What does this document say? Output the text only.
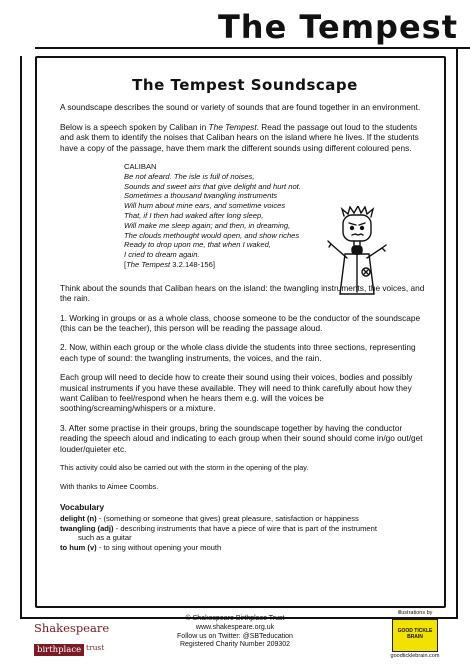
The Tempest
The Tempest Soundscape

A soundscape describes the sound or variety of sounds that are found together in an environment.

Below is a speech spoken by Caliban in The Tempest. Read the passage out loud to the students and ask them to identify the noises that Caliban hears on the island where he lives. If the students have a copy of the passage, have them mark the different sounds using different coloured pens.

CALIBAN
Be not afeard. The isle is full of noises,
Sounds and sweet airs that give delight and hurt not.
Sometimes a thousand twangling instruments
Will hum about mine ears, and sometime voices
That, if I then had waked after long sleep,
Will make me sleep again; and then, in dreaming,
The clouds methought would open, and show riches
Ready to drop upon me, that when I waked,
I cried to dream again.
[The Tempest 3.2.148-156]

Think about the sounds that Caliban hears on the island: the twangling instruments, the voices, and the rain.

1. Working in groups or as a whole class, choose someone to be the conductor of the soundscape (this can be the teacher), this person will be reading the passage aloud.

2. Now, within each group or the whole class divide the students into three sections, representing each type of sound: the twangling instruments, the voices, and the rain.

Each group will need to decide how to create their sound using their voices, bodies and possibly musical instruments if you have these available. They will need to think carefully about how they want Caliban to feel/respond when he hears them e.g. will the voices be soothing/screaming/whispers or a mixture.

3. After some practise in their groups, bring the soundscape together by having the conductor reading the speech aloud and indicating to each group when their sound should come in/go out/get louder/quieter etc.

This activity could also be carried out with the storm in the opening of the play.

With thanks to Aimee Coombs.

Vocabulary
delight (n) - (something or someone that gives) great pleasure, satisfaction or happiness
twangling (adj) - describing instruments that have a piece of wire that is part of the instrument
such as a guitar
to hum (v) - to sing without opening your mouth
Shakespeare
birthplace trust
© Shakespeare Birthplace Trust
www.shakespeare.org.uk
Follow us on Twitter: @SBTeducation
Registered Charity Number 209302
illustrations by
GOOD TICKLE BRAIN
goodticklebrain.com
